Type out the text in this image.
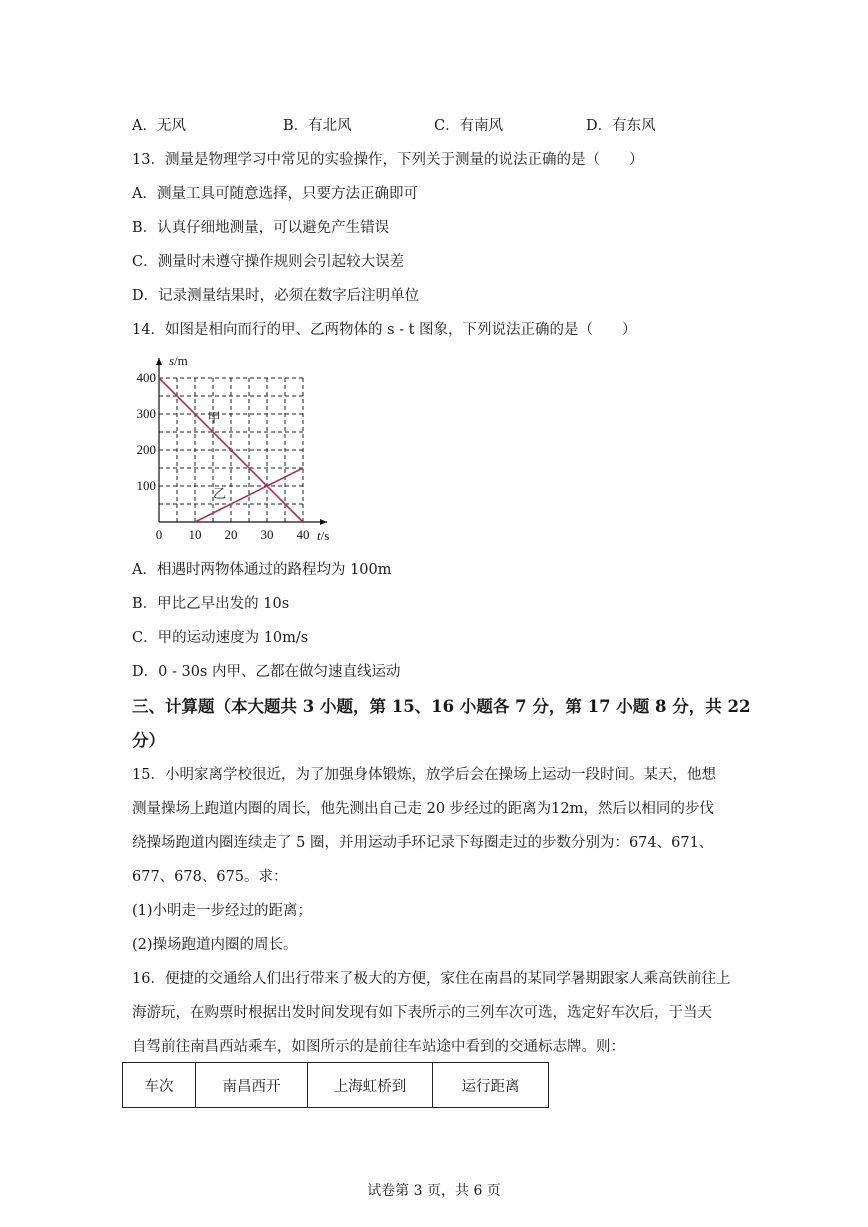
A．无风	B．有北风	C．有南风	D．有东风
13．测量是物理学习中常见的实验操作，下列关于测量的说法正确的是（　　）
A．测量工具可随意选择，只要方法正确即可
B．认真仔细地测量，可以避免产生错误
C．测量时未遵守操作规则会引起较大误差
D．记录测量结果时，必须在数字后注明单位
14．如图是相向而行的甲、乙两物体的 s - t 图象，下列说法正确的是（　　）
甲
乙
0 10 20 30 40
100
200
300
400
s/m
t/s
A．相遇时两物体通过的路程均为 100m
B．甲比乙早出发的 10s
C．甲的运动速度为 10m/s
D．0 - 30s 内甲、乙都在做匀速直线运动
三、计算题（本大题共 3 小题，第 15、16 小题各 7 分，第 17 小题 8 分，共 22
分）
15．小明家离学校很近，为了加强身体锻炼，放学后会在操场上运动一段时间。某天，他想
测量操场上跑道内圈的周长，他先测出自己走 20 步经过的距离为12m，然后以相同的步伐
绕操场跑道内圈连续走了 5 圈，并用运动手环记录下每圈走过的步数分别为：674、671、
677、678、675。求：
(1)小明走一步经过的距离；
(2)操场跑道内圈的周长。
16．便捷的交通给人们出行带来了极大的方便，家住在南昌的某同学暑期跟家人乘高铁前往上
海游玩，在购票时根据出发时间发现有如下表所示的三列车次可选，选定好车次后，于当天
自驾前往南昌西站乘车，如图所示的是前往车站途中看到的交通标志牌。则：
车次	南昌西开	上海虹桥到	运行距离
试卷第 3 页，共 6 页
